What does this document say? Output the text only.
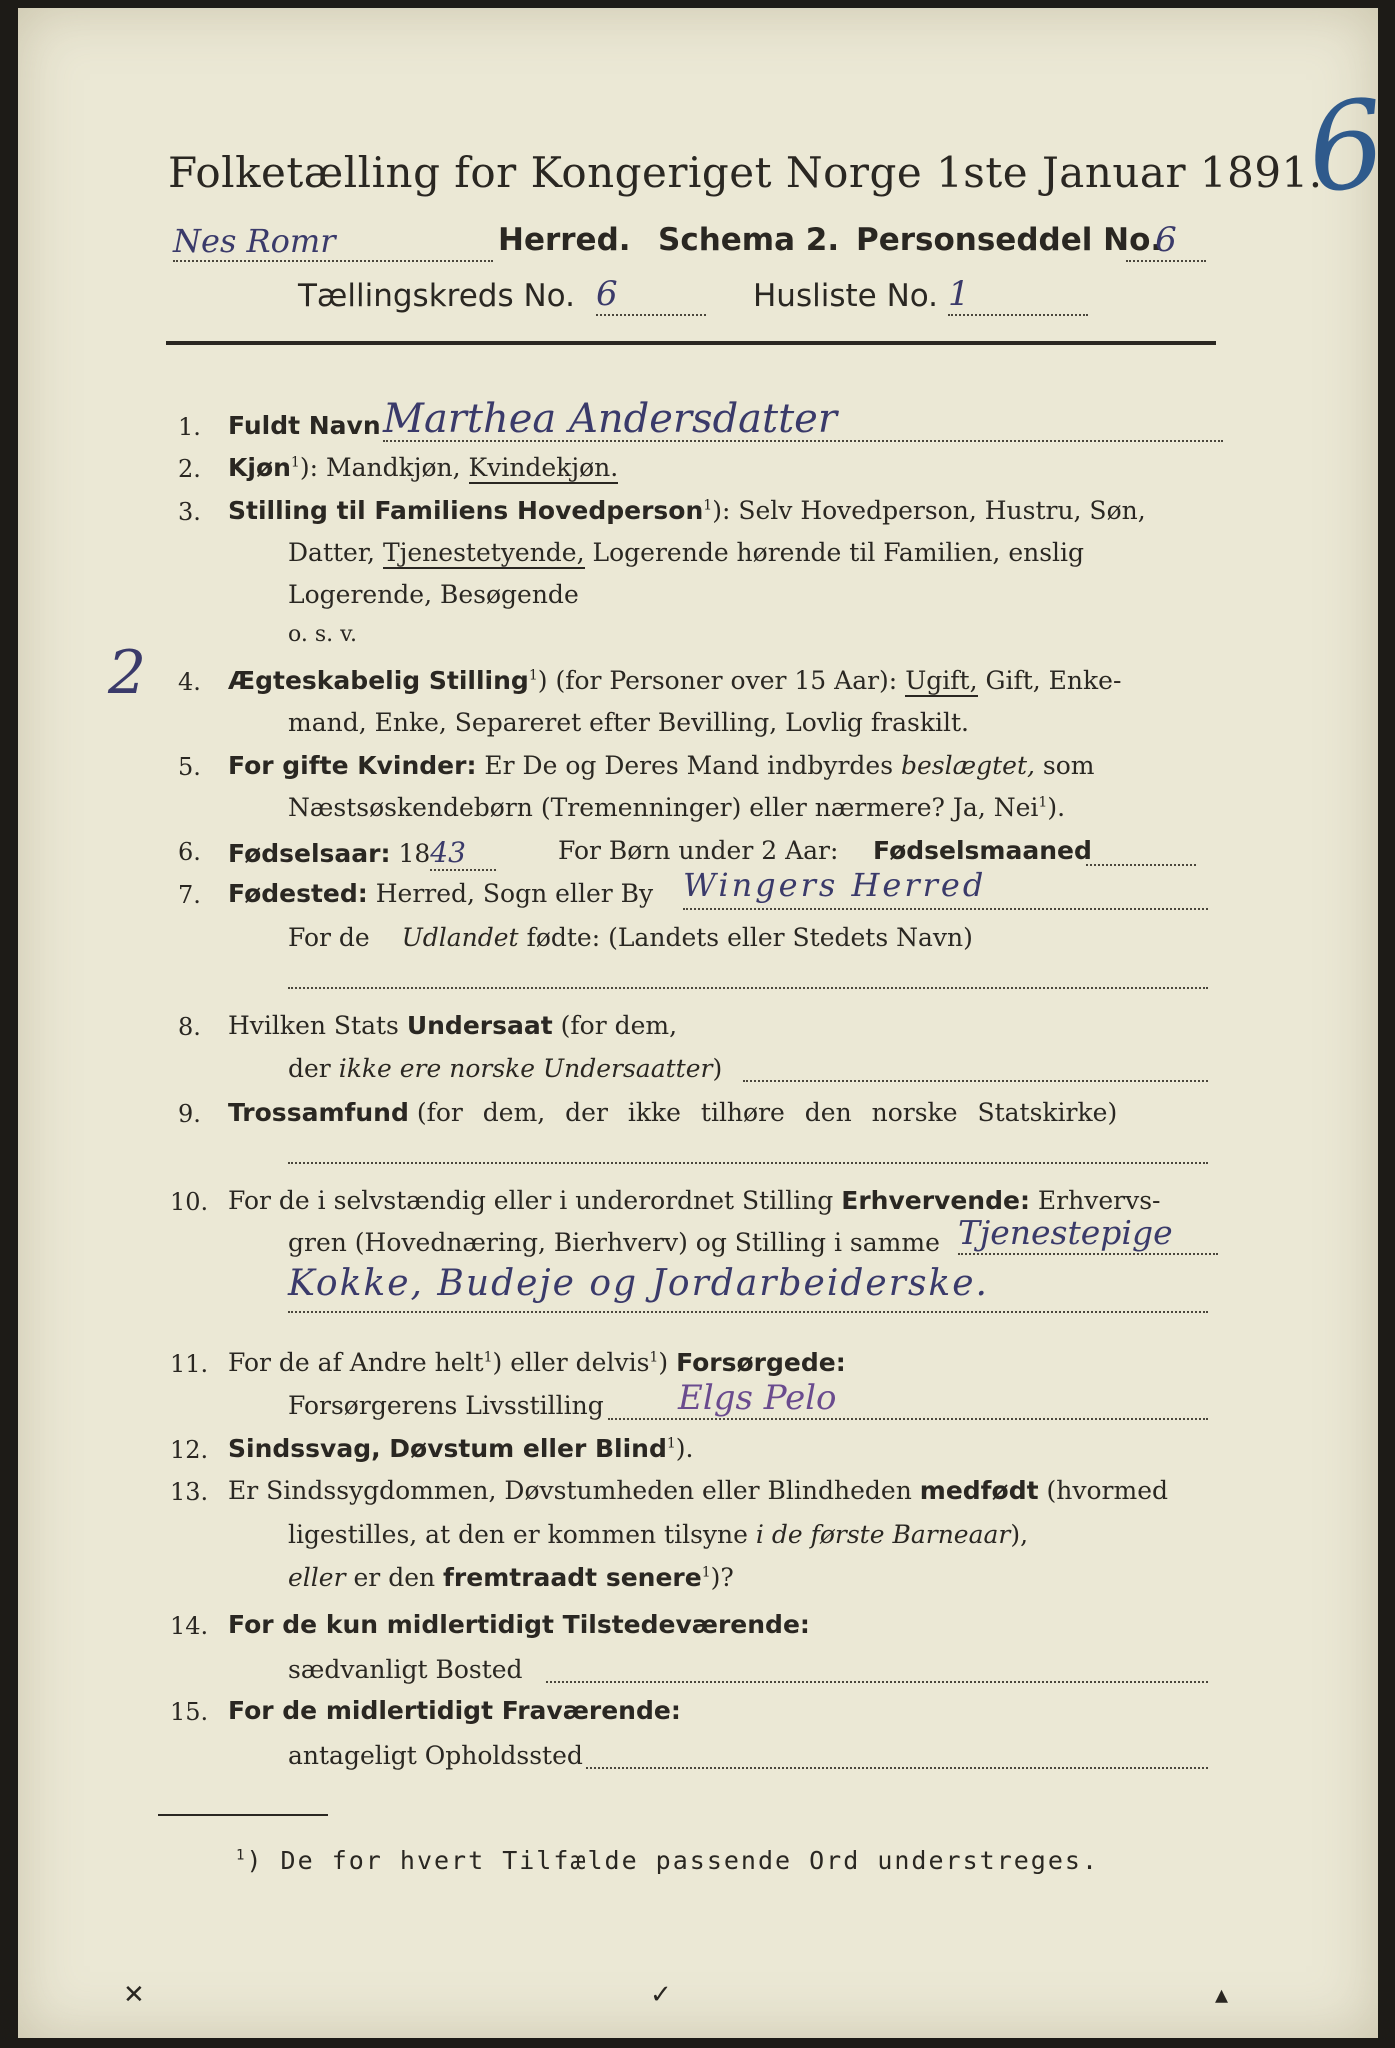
Folketælling for Kongeriget Norge 1ste Januar 1891.
6
Nes Romr	Herred. Schema 2. Personseddel No.
6
Tællingskreds No. 6	Husliste No. 1
2
1. Fuldt Navn Marthea Andersdatter
2. Kjøn$^1$): Mandkjøn, Kvindekjøn.
3. Stilling til Familiens Hovedperson$^1$): Selv Hovedperson, Hustru, Søn,
Datter, Tjenestetyende, Logerende hørende til Familien, enslig
Logerende, Besøgende
o. s. v.
4. Ægteskabelig Stilling$^1$) (for Personer over 15 Aar): Ugift, Gift, Enke-
mand, Enke, Separeret efter Bevilling, Lovlig fraskilt.
5. For gifte Kvinder: Er De og Deres Mand indbyrdes beslægtet, som
Næstsøskendebørn (Tremenninger) eller nærmere? Ja, Nei$^1$).
6. Fødselsaar: 1843	For Børn under 2 Aar: Fødselsmaaned
7. Fødested: Herred, Sogn eller By Wingers Herred
For de Udlandet fødte: (Landets eller Stedets Navn)
8. Hvilken Stats Undersaat (for dem,
der ikke ere norske Undersaatter)
9. Trossamfund (for dem, der ikke tilhøre den norske Statskirke)
10. For de i selvstændig eller i underordnet Stilling Erhvervende: Erhvervs-
gren (Hovednæring, Bierhverv) og Stilling i samme Tjenestepige
Kokke, Budeje og Jordarbeiderske.
11. For de af Andre helt$^1$) eller delvis$^1$) Forsørgede:
Forsørgerens Livsstilling	Elgs Pelo
12. Sindssvag, Døvstum eller Blind$^1$).
13. Er Sindssygdommen, Døvstumheden eller Blindheden medfødt (hvormed
ligestilles, at den er kommen tilsyne i de første Barneaar),
eller er den fremtraadt senere$^1$)?
14. For de kun midlertidigt Tilstedeværende:
sædvanligt Bosted
15. For de midlertidigt Fraværende:
antageligt Opholdssted
$^1$) De for hvert Tilfælde passende Ord understreges.
✕	✓	▴
